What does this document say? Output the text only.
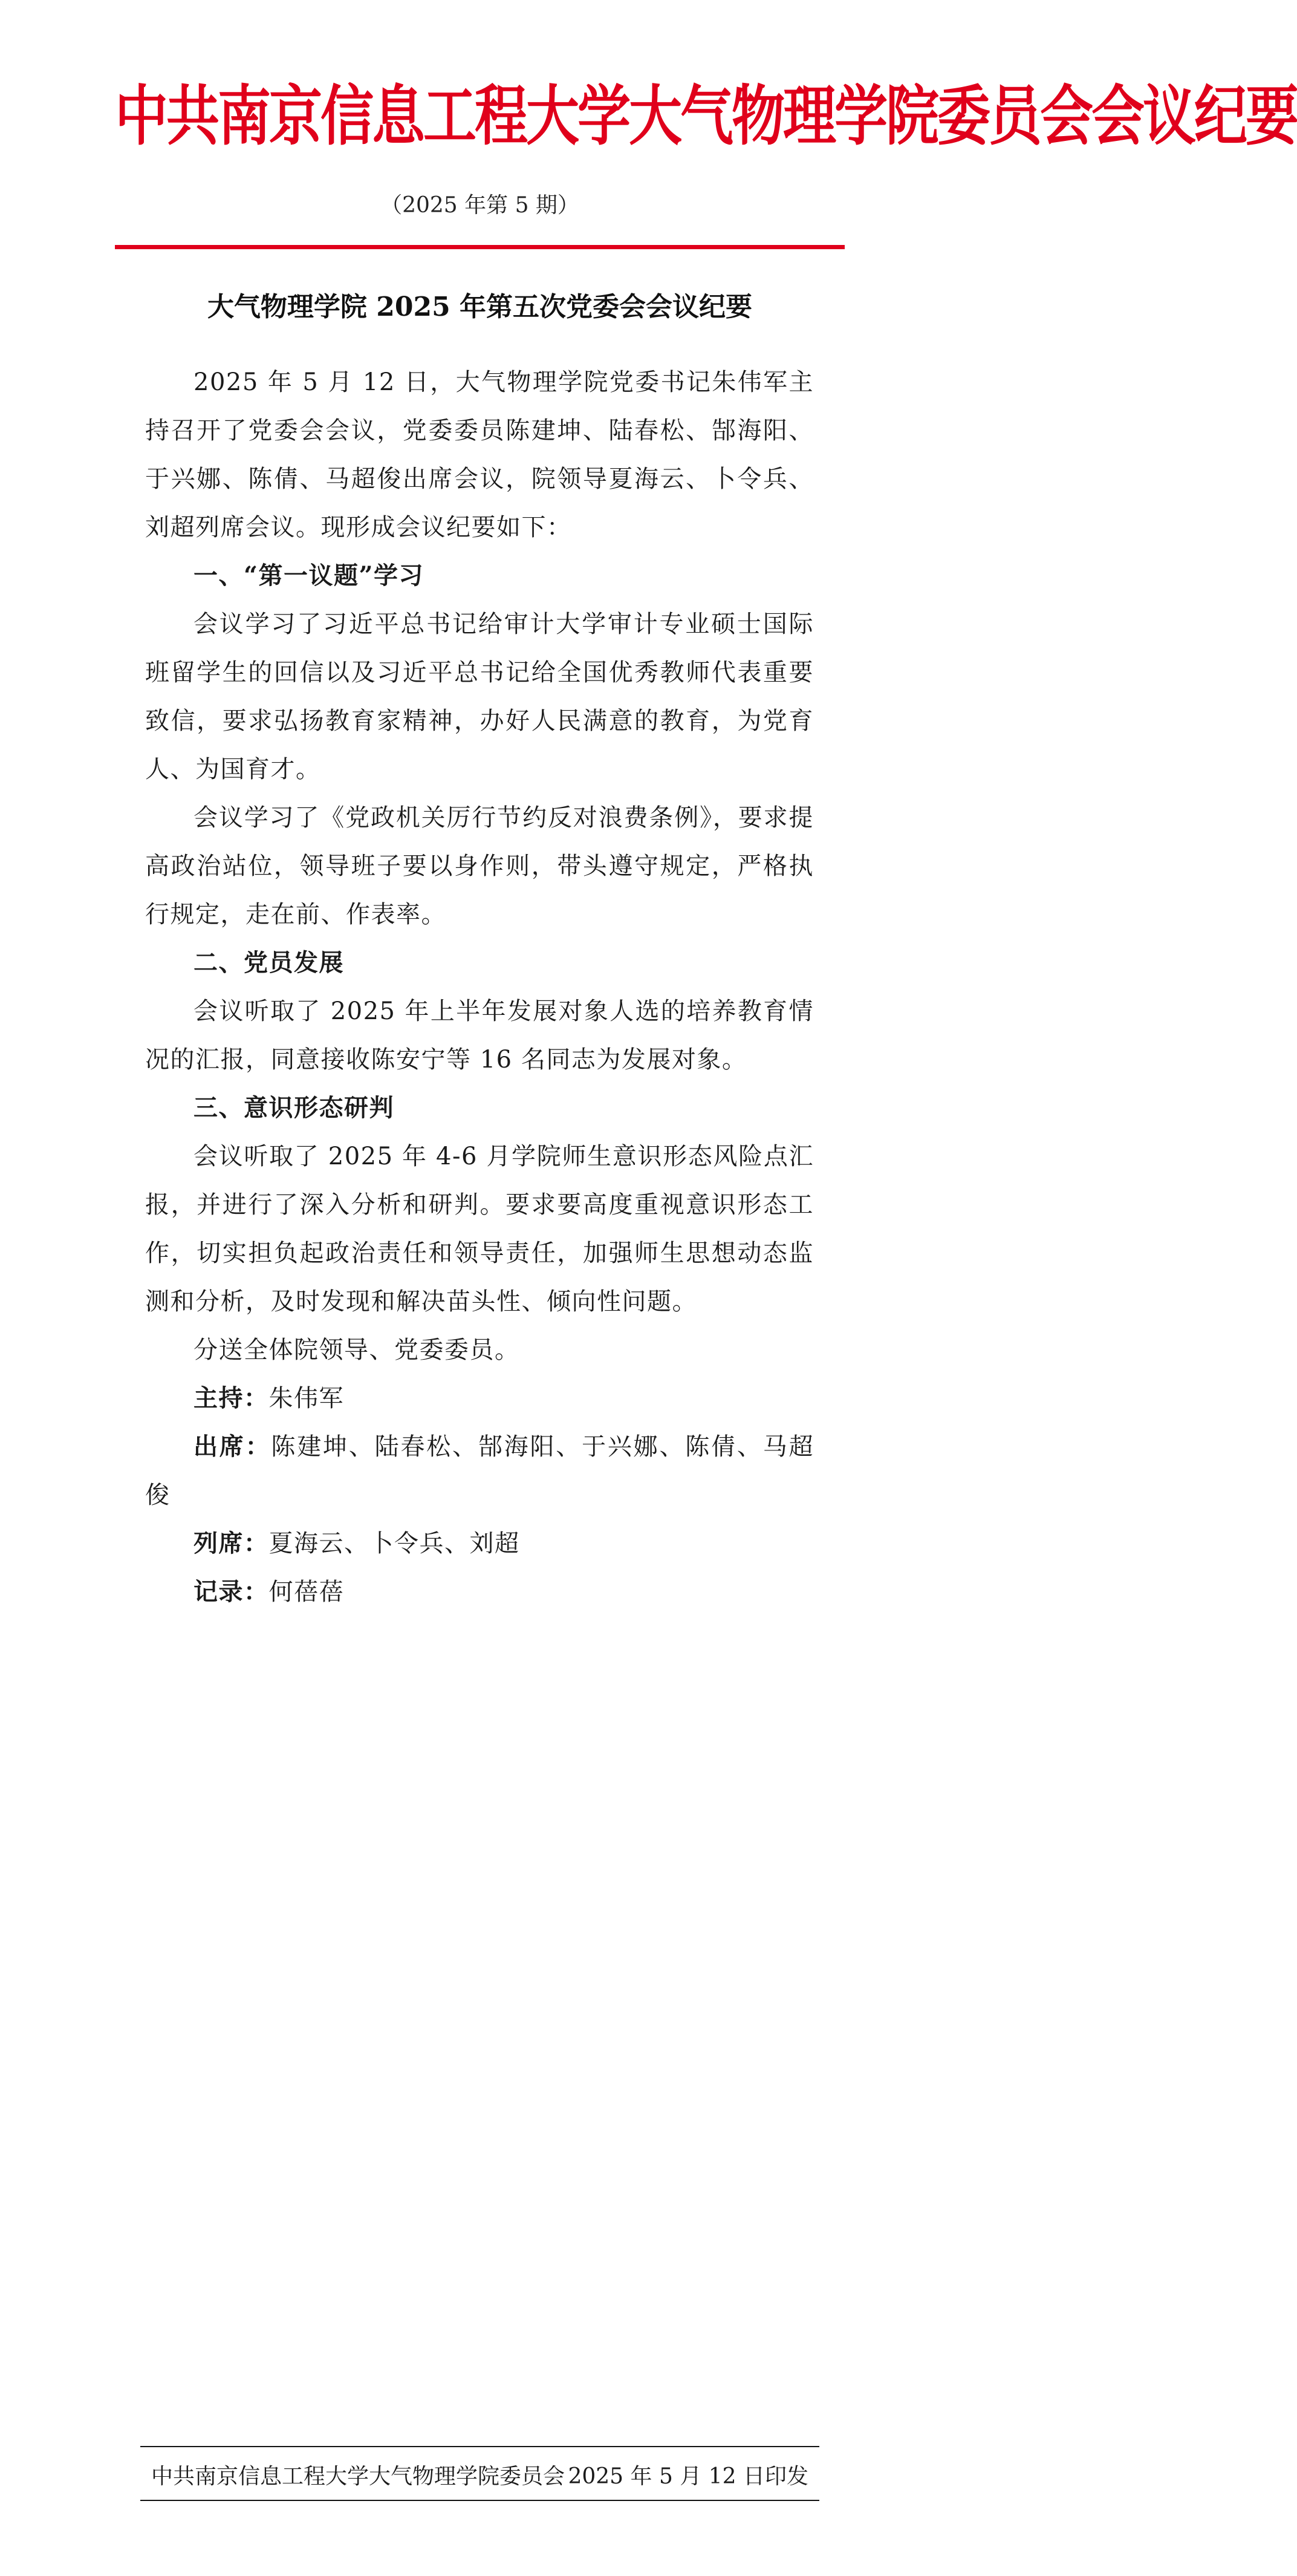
中共南京信息工程大学大气物理学院委员会会议纪要
（2025 年第 5 期）
大气物理学院 2025 年第五次党委会会议纪要

2025 年 5 月 12 日，大气物理学院党委书记朱伟军主持召开了党委会会议，党委委员陈建坤、陆春松、郜海阳、于兴娜、陈倩、马超俊出席会议，院领导夏海云、卜令兵、刘超列席会议。现形成会议纪要如下：

一、“第一议题”学习

会议学习了习近平总书记给审计大学审计专业硕士国际班留学生的回信以及习近平总书记给全国优秀教师代表重要致信，要求弘扬教育家精神，办好人民满意的教育，为党育人、为国育才。

会议学习了《党政机关厉行节约反对浪费条例》，要求提高政治站位，领导班子要以身作则，带头遵守规定，严格执行规定，走在前、作表率。

二、党员发展

会议听取了 2025 年上半年发展对象人选的培养教育情况的汇报，同意接收陈安宁等 16 名同志为发展对象。

三、意识形态研判

会议听取了 2025 年 4-6 月学院师生意识形态风险点汇报，并进行了深入分析和研判。要求要高度重视意识形态工作，切实担负起政治责任和领导责任，加强师生思想动态监测和分析，及时发现和解决苗头性、倾向性问题。

分送全体院领导、党委委员。

主持：朱伟军

出席：陈建坤、陆春松、郜海阳、于兴娜、陈倩、马超俊

列席：夏海云、卜令兵、刘超

记录：何蓓蓓

中共南京信息工程大学大气物理学院委员会 2025 年 5 月 12 日印发
